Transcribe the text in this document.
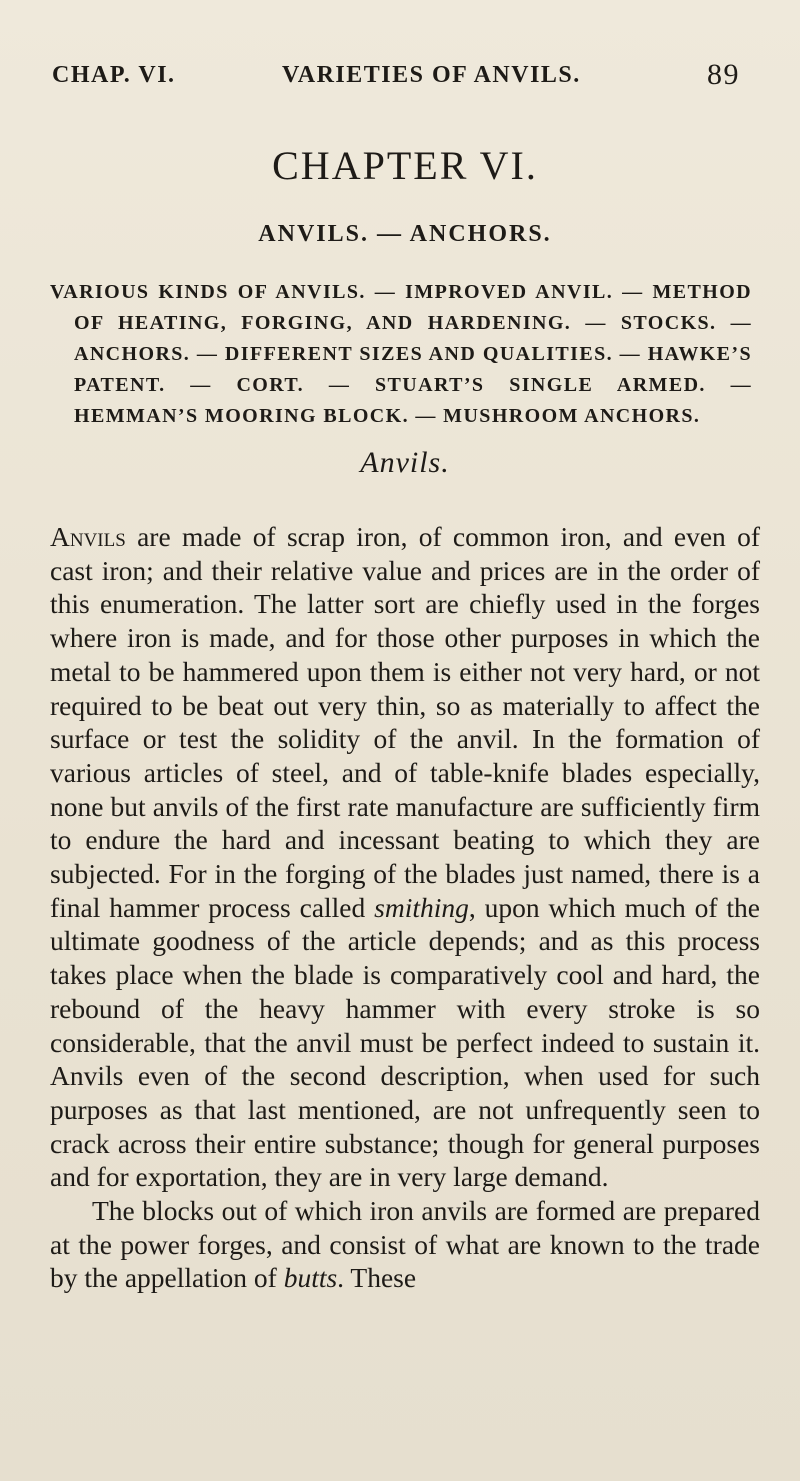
CHAP. VI.	VARIETIES OF ANVILS.	89
CHAPTER VI.
ANVILS. — ANCHORS.
VARIOUS KINDS OF ANVILS. — IMPROVED ANVIL. — METHOD OF HEATING, FORGING, AND HARDENING. — STOCKS. — ANCHORS. — DIFFERENT SIZES AND QUALITIES. — HAWKE’S PATENT. — CORT. — STUART’S SINGLE ARMED. — HEMMAN’S MOORING BLOCK. — MUSHROOM ANCHORS.
Anvils.

Anvils are made of scrap iron, of common iron, and even of cast iron; and their relative value and prices are in the order of this enumeration. The latter sort are chiefly used in the forges where iron is made, and for those other purposes in which the metal to be hammered upon them is either not very hard, or not required to be beat out very thin, so as materially to affect the surface or test the solidity of the anvil. In the formation of various articles of steel, and of table-knife blades especially, none but anvils of the first rate manufacture are sufficiently firm to endure the hard and incessant beating to which they are subjected. For in the forging of the blades just named, there is a final hammer process called smithing, upon which much of the ultimate goodness of the article depends; and as this process takes place when the blade is comparatively cool and hard, the rebound of the heavy hammer with every stroke is so considerable, that the anvil must be perfect indeed to sustain it. Anvils even of the second description, when used for such purposes as that last mentioned, are not unfrequently seen to crack across their entire substance; though for general purposes and for exportation, they are in very large demand.

The blocks out of which iron anvils are formed are prepared at the power forges, and consist of what are known to the trade by the appellation of butts. These
